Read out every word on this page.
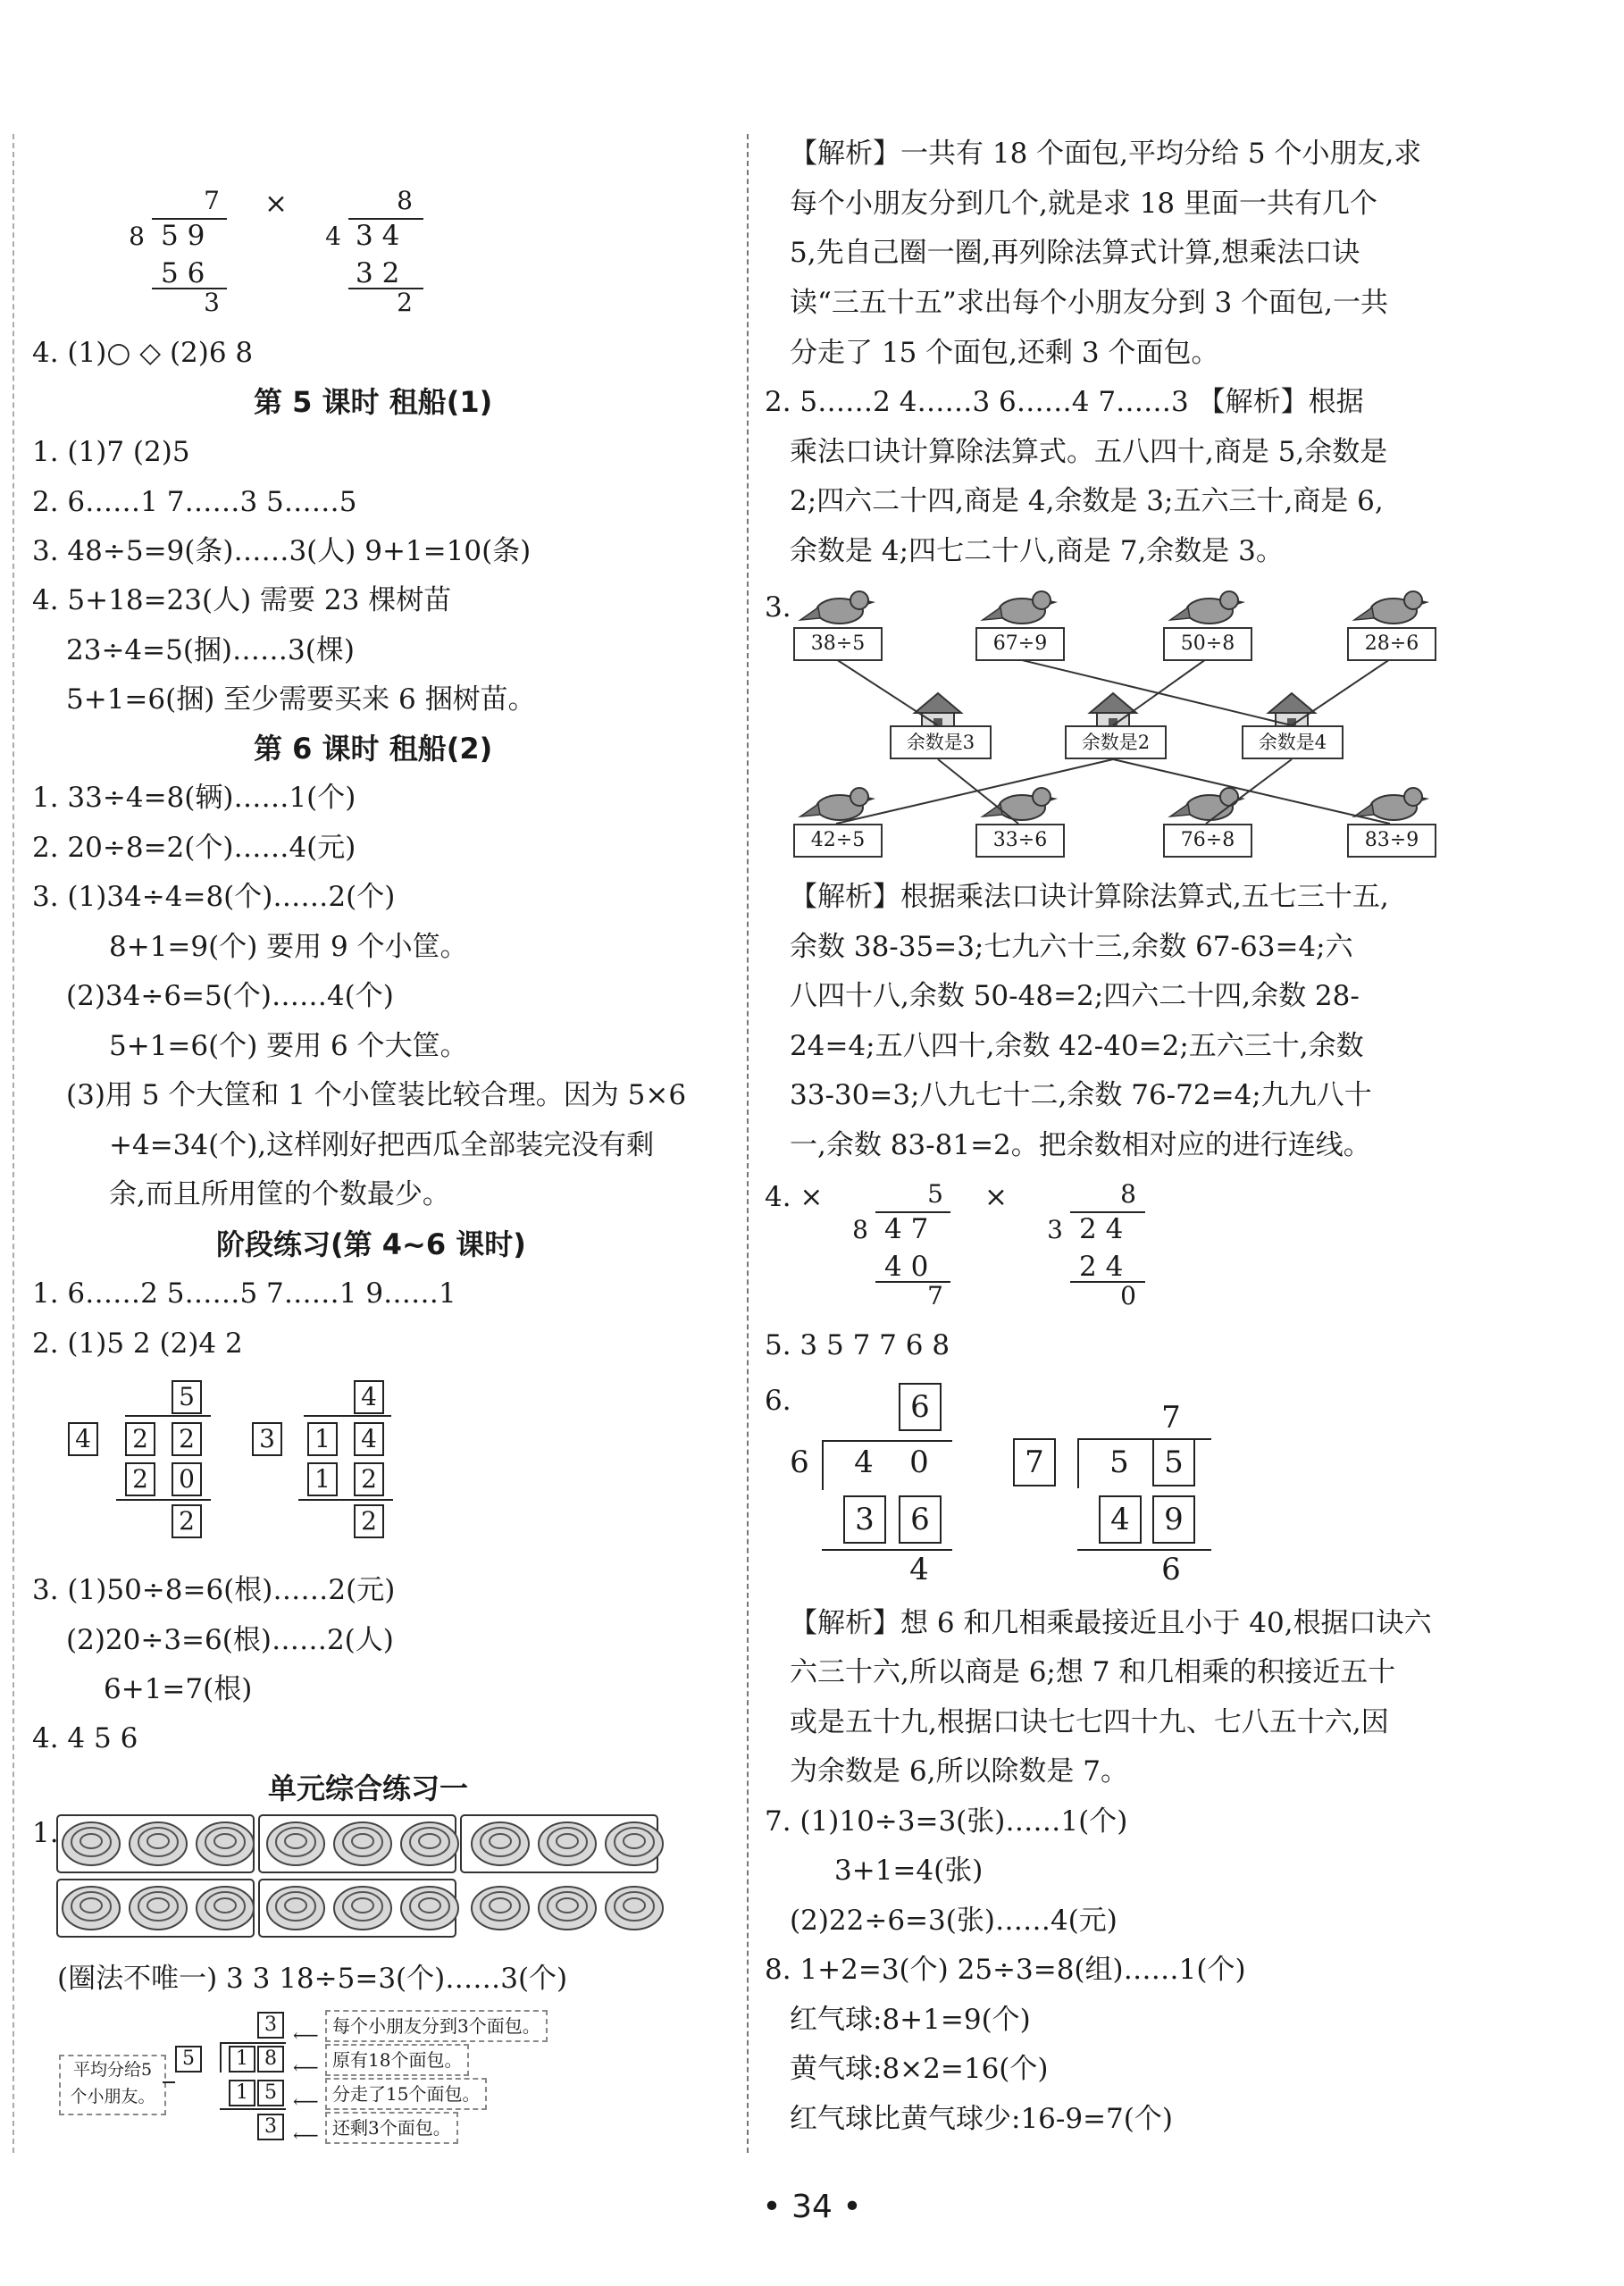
7
8 5 9
5 6
3
×	8
4 3 4
3 2
2
4. (1)○ ◇ (2)6 8
第 5 课时 租船(1)
1. (1)7 (2)5
2. 6……1 7……3 5……5
3. 48÷5=9(条)……3(人) 9+1=10(条)
4. 5+18=23(人) 需要 23 棵树苗
23÷4=5(捆)……3(棵)
5+1=6(捆) 至少需要买来 6 捆树苗。
第 6 课时 租船(2)
1. 33÷4=8(辆)……1(个)
2. 20÷8=2(个)……4(元)
3. (1)34÷4=8(个)……2(个)
8+1=9(个) 要用 9 个小筐。
(2)34÷6=5(个)……4(个)
5+1=6(个) 要用 6 个大筐。
(3)用 5 个大筐和 1 个小筐装比较合理。因为 5×6
+4=34(个),这样刚好把西瓜全部装完没有剩
余,而且所用筐的个数最少。
阶段练习(第 4~6 课时)
1. 6……2 5……5 7……1 9……1
2. (1)5 2 (2)4 2
5
4 2 2
2 0
2
4
3 1 4
1 2
2
3. (1)50÷8=6(根)……2(元)
(2)20÷3=6(根)……2(人)
6+1=7(根)
4. 4 5 6
单元综合练习一
1.
(圈法不唯一) 3 3 18÷5=3(个)……3(个)
平均分给5
个小朋友。
5
3
1 8
1 5
3
⟵ 每个小朋友分到3个面包。
⟵ 原有18个面包。
⟵ 分走了15个面包。
⟵ 还剩3个面包。
【解析】一共有 18 个面包,平均分给 5 个小朋友,求
每个小朋友分到几个,就是求 18 里面一共有几个
5,先自己圈一圈,再列除法算式计算,想乘法口诀
读“三五十五”求出每个小朋友分到 3 个面包,一共
分走了 15 个面包,还剩 3 个面包。
2. 5……2 4……3 6……4 7……3 【解析】根据
乘法口诀计算除法算式。五八四十,商是 5,余数是
2;四六二十四,商是 4,余数是 3;五六三十,商是 6,
余数是 4;四七二十八,商是 7,余数是 3。
3.
38÷5	67÷9	50÷8	28÷6
余数是3	余数是2	余数是4
42÷5	33÷6	76÷8	83÷9
【解析】根据乘法口诀计算除法算式,五七三十五,
余数 38-35=3;七九六十三,余数 67-63=4;六
八四十八,余数 50-48=2;四六二十四,余数 28-
24=4;五八四十,余数 42-40=2;五六三十,余数
33-30=3;八九七十二,余数 76-72=4;九九八十
一,余数 83-81=2。把余数相对应的进行连线。
4. ×	5
8 4 7
4 0
7
×	8
3 2 4
2 4
0
5. 3 5 7 7 6 8
6.	6
6 4 0
3	6
4
7
7	5	5
4	9
6
【解析】想 6 和几相乘最接近且小于 40,根据口诀六
六三十六,所以商是 6;想 7 和几相乘的积接近五十
或是五十九,根据口诀七七四十九、七八五十六,因
为余数是 6,所以除数是 7。
7. (1)10÷3=3(张)……1(个)
3+1=4(张)
(2)22÷6=3(张)……4(元)
8. 1+2=3(个) 25÷3=8(组)……1(个)
红气球:8+1=9(个)
黄气球:8×2=16(个)
红气球比黄气球少:16-9=7(个)
• 34 •
